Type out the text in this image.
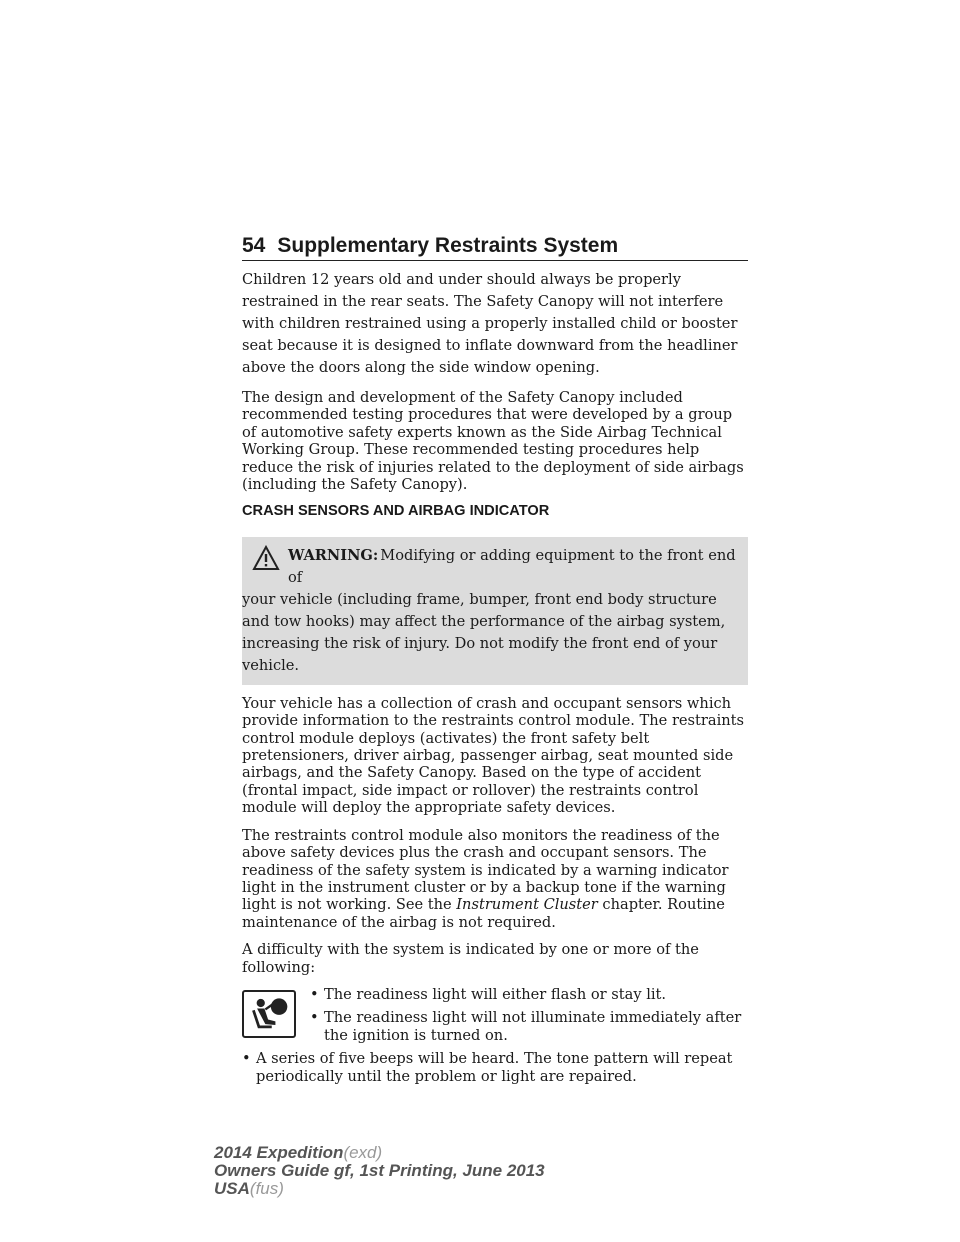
54 Supplementary Restraints System

Children 12 years old and under should always be properly restrained in the rear seats. The Safety Canopy will not interfere with children restrained using a properly installed child or booster seat because it is designed to inflate downward from the headliner above the doors along the side window opening.

The design and development of the Safety Canopy included recommended testing procedures that were developed by a group of automotive safety experts known as the Side Airbag Technical Working Group. These recommended testing procedures help reduce the risk of injuries related to the deployment of side airbags (including the Safety Canopy).

CRASH SENSORS AND AIRBAG INDICATOR
WARNING: Modifying or adding equipment to the front end of
your vehicle (including frame, bumper, front end body structure and tow hooks) may affect the performance of the airbag system, increasing the risk of injury. Do not modify the front end of your vehicle.

Your vehicle has a collection of crash and occupant sensors which provide information to the restraints control module. The restraints control module deploys (activates) the front safety belt pretensioners, driver airbag, passenger airbag, seat mounted side airbags, and the Safety Canopy. Based on the type of accident (frontal impact, side impact or rollover) the restraints control module will deploy the appropriate safety devices.

The restraints control module also monitors the readiness of the above safety devices plus the crash and occupant sensors. The readiness of the safety system is indicated by a warning indicator light in the instrument cluster or by a backup tone if the warning light is not working. See the Instrument Cluster chapter. Routine maintenance of the airbag is not required.

A difficulty with the system is indicated by one or more of the following:

• The readiness light will either flash or stay lit.
• The readiness light will not illuminate immediately after the ignition is turned on.
• A series of five beeps will be heard. The tone pattern will repeat periodically until the problem or light are repaired.
2014 Expedition(exd)
Owners Guide gf, 1st Printing, June 2013
USA(fus)
